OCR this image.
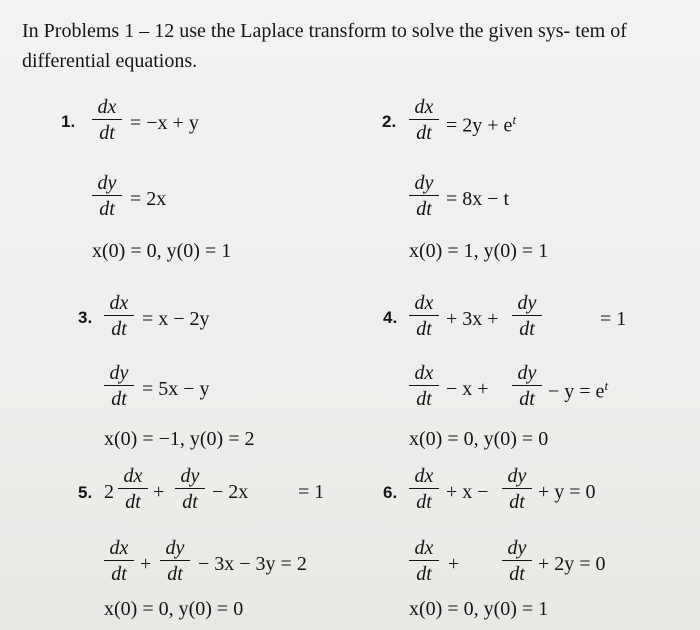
In Problems 1 – 12 use the Laplace transform to solve the given sys- tem of differential equations.
1.
dx
dt = −x + y
dy
dt = 2x
x(0) = 0, y(0) = 1
2.
dx
dt = $2y + e^t$
dy
dt = 8x − t
x(0) = 1, y(0) = 1
3.
dx
dt = x − 2y
dy
dt = 5x − y
x(0) = −1, y(0) = 2
4.
dx
dt + 3x +
dy
dt	= 1
dx
dt − x +
dy
dt − $y = e^t$
x(0) = 0, y(0) = 0
5. 2
dx
dt +
dy
dt − 2x = 1
dx
dt +
dy
dt − 3x − 3y = 2
x(0) = 0, y(0) = 0
6.
dx
dt + x −
dy
dt + y = 0
dx
dt +
dy
dt + 2y = 0
x(0) = 0, y(0) = 1
